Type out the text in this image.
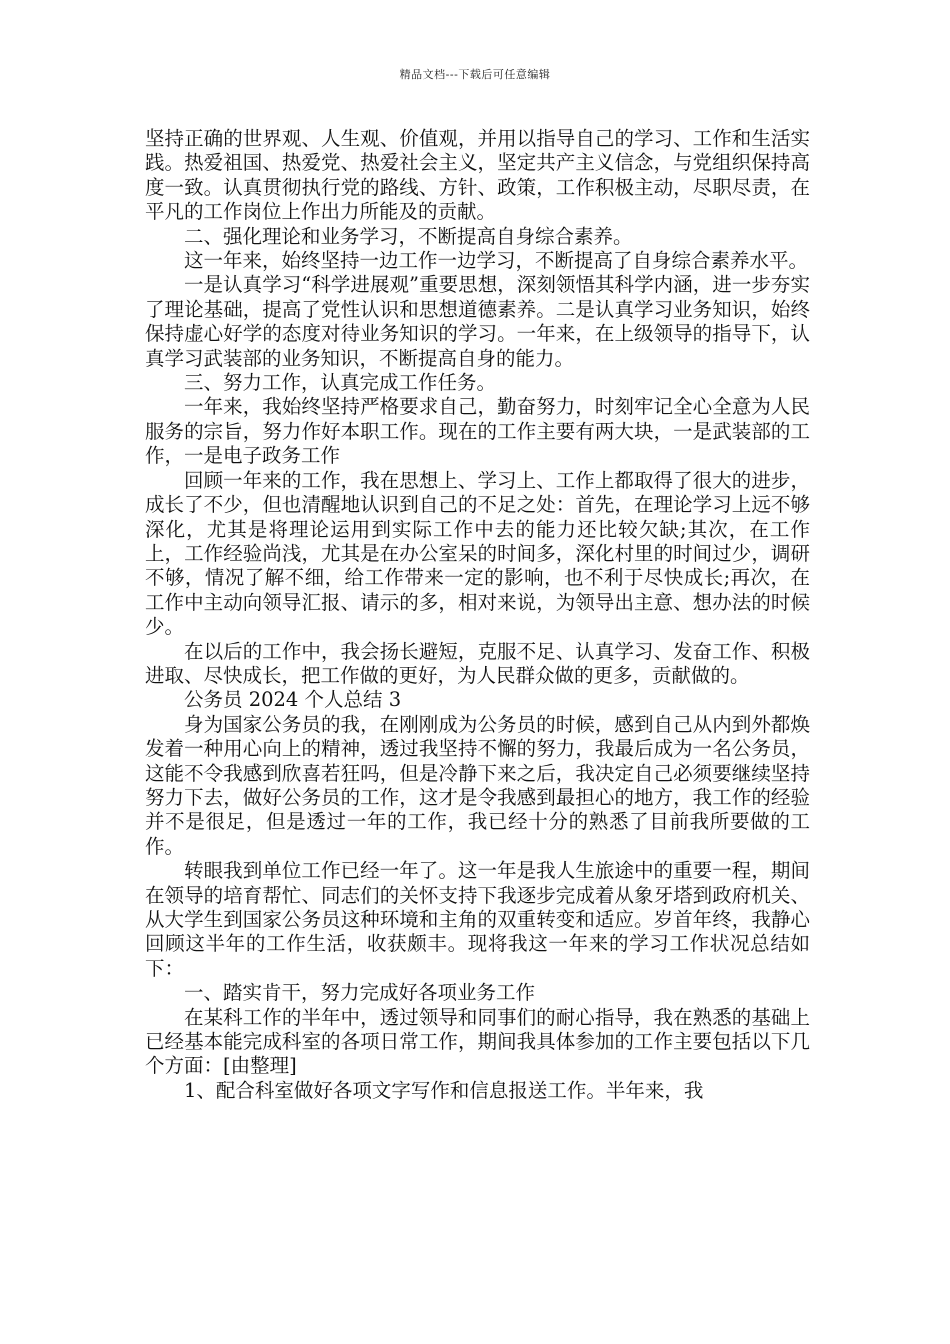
精品文档---下载后可任意编辑

坚持正确的世界观、人生观、价值观，并用以指导自己的学习、工作和生活实践。热爱祖国、热爱党、热爱社会主义，坚定共产主义信念，与党组织保持高度一致。认真贯彻执行党的路线、方针、政策，工作积极主动，尽职尽责，在平凡的工作岗位上作出力所能及的贡献。

二、强化理论和业务学习，不断提高自身综合素养。

这一年来，始终坚持一边工作一边学习，不断提高了自身综合素养水平。

一是认真学习“科学进展观”重要思想，深刻领悟其科学内涵，进一步夯实了理论基础，提高了党性认识和思想道德素养。二是认真学习业务知识，始终保持虚心好学的态度对待业务知识的学习。一年来，在上级领导的指导下，认真学习武装部的业务知识，不断提高自身的能力。

三、努力工作，认真完成工作任务。

一年来，我始终坚持严格要求自己，勤奋努力，时刻牢记全心全意为人民服务的宗旨，努力作好本职工作。现在的工作主要有两大块，一是武装部的工作，一是电子政务工作

回顾一年来的工作，我在思想上、学习上、工作上都取得了很大的进步，成长了不少，但也清醒地认识到自己的不足之处：首先，在理论学习上远不够深化，尤其是将理论运用到实际工作中去的能力还比较欠缺;其次，在工作上，工作经验尚浅，尤其是在办公室呆的时间多，深化村里的时间过少，调研不够，情况了解不细，给工作带来一定的影响，也不利于尽快成长;再次，在工作中主动向领导汇报、请示的多，相对来说，为领导出主意、想办法的时候少。

在以后的工作中，我会扬长避短，克服不足、认真学习、发奋工作、积极进取、尽快成长，把工作做的更好，为人民群众做的更多，贡献做的。

公务员 2024 个人总结 3

身为国家公务员的我，在刚刚成为公务员的时候，感到自己从内到外都焕发着一种用心向上的精神，透过我坚持不懈的努力，我最后成为一名公务员，这能不令我感到欣喜若狂吗，但是冷静下来之后，我决定自己必须要继续坚持努力下去，做好公务员的工作，这才是令我感到最担心的地方，我工作的经验并不是很足，但是透过一年的工作，我已经十分的熟悉了目前我所要做的工作。

转眼我到单位工作已经一年了。这一年是我人生旅途中的重要一程，期间在领导的培育帮忙、同志们的关怀支持下我逐步完成着从象牙塔到政府机关、从大学生到国家公务员这种环境和主角的双重转变和适应。岁首年终，我静心回顾这半年的工作生活，收获颇丰。现将我这一年来的学习工作状况总结如下：

一、踏实肯干，努力完成好各项业务工作

在某科工作的半年中，透过领导和同事们的耐心指导，我在熟悉的基础上已经基本能完成科室的各项日常工作，期间我具体参加的工作主要包括以下几个方面：[由整理]

1、配合科室做好各项文字写作和信息报送工作。半年来，我
